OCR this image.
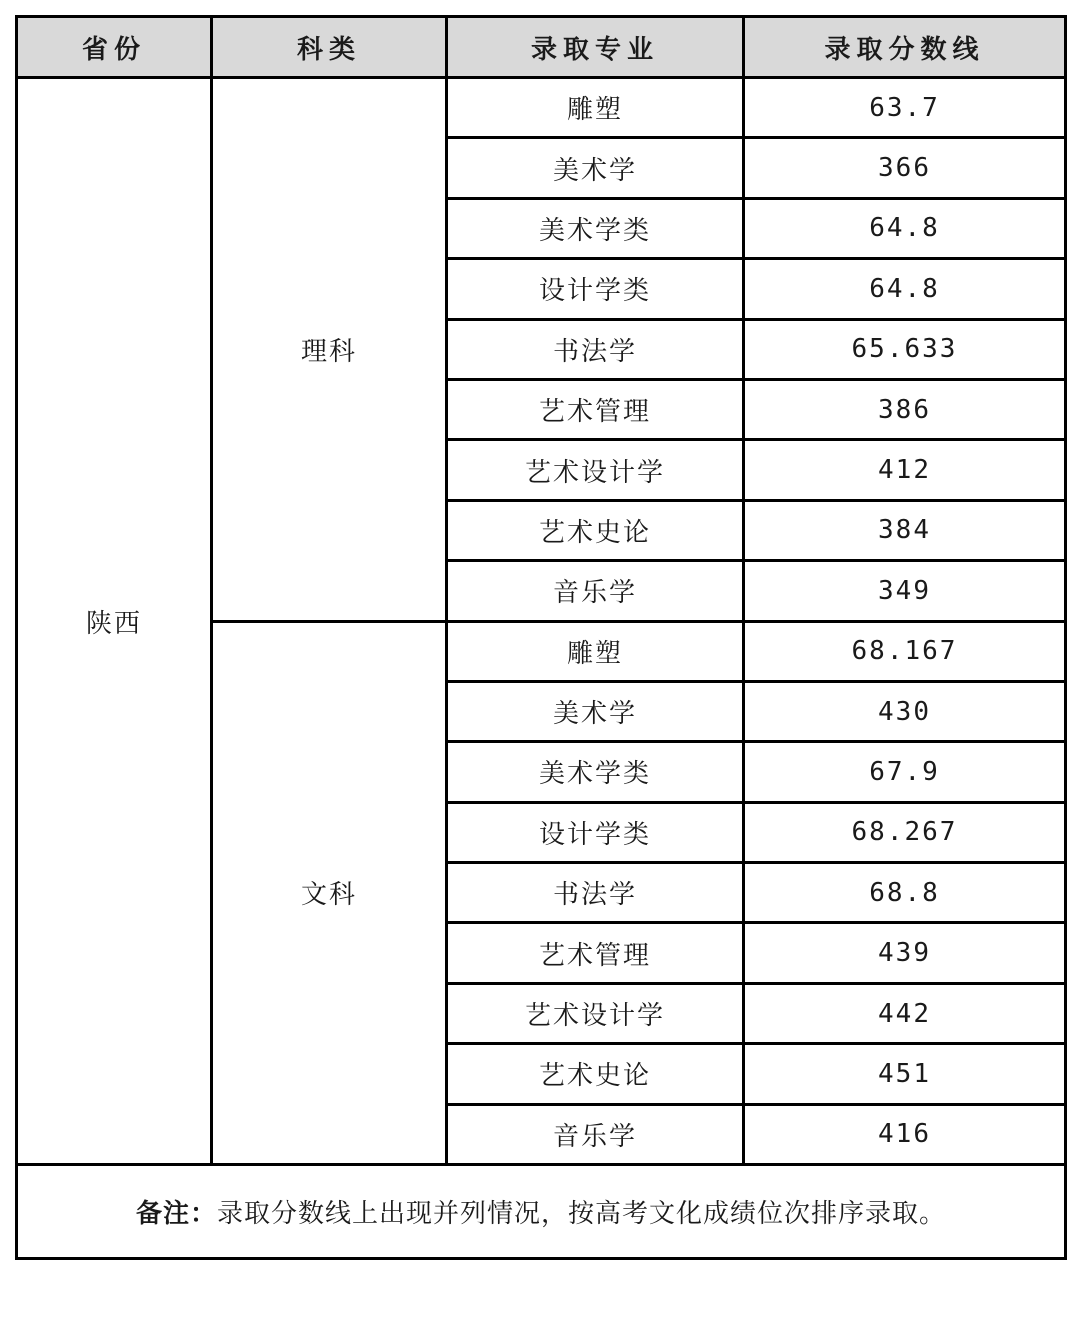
省份	科类	录取专业	录取分数线
陕西	理科	雕塑	63.7
		美术学	366
		美术学类	64.8
		设计学类	64.8
		书法学	65.633
		艺术管理	386
		艺术设计学	412
		艺术史论	384
		音乐学	349
	文科	雕塑	68.167
		美术学	430
		美术学类	67.9
		设计学类	68.267
		书法学	68.8
		艺术管理	439
		艺术设计学	442
		艺术史论	451
		音乐学	416
备注：录取分数线上出现并列情况，按高考文化成绩位次排序录取。			
